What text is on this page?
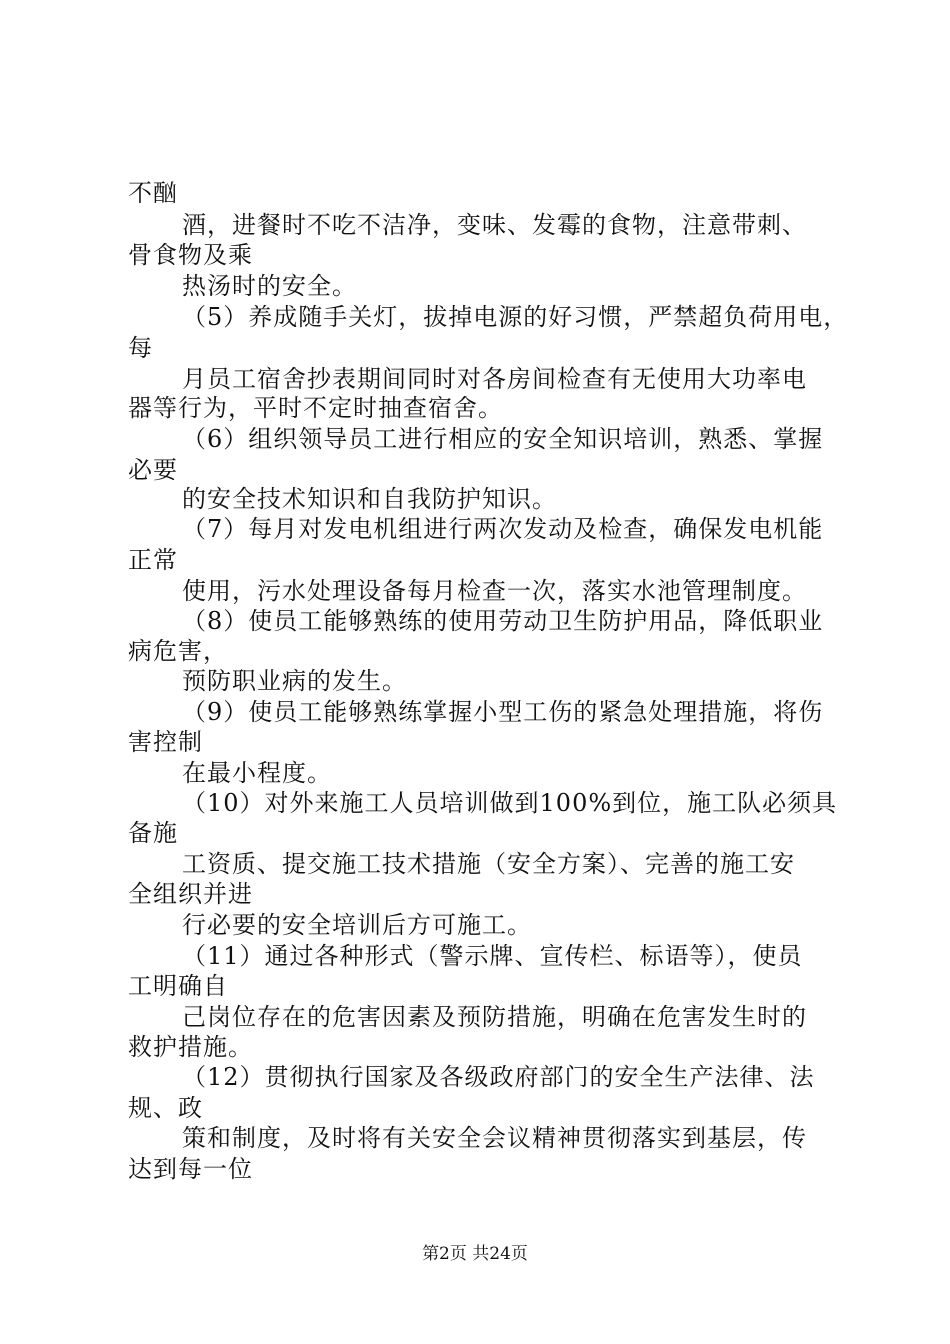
不酗
酒，进餐时不吃不洁净，变味、发霉的食物，注意带刺、
骨食物及乘
热汤时的安全。
（5）养成随手关灯，拔掉电源的好习惯，严禁超负荷用电，
每
月员工宿舍抄表期间同时对各房间检查有无使用大功率电
器等行为，平时不定时抽查宿舍。
（6）组织领导员工进行相应的安全知识培训，熟悉、掌握
必要
的安全技术知识和自我防护知识。
（7）每月对发电机组进行两次发动及检查，确保发电机能
正常
使用，污水处理设备每月检查一次，落实水池管理制度。
（8）使员工能够熟练的使用劳动卫生防护用品，降低职业
病危害，
预防职业病的发生。
（9）使员工能够熟练掌握小型工伤的紧急处理措施，将伤
害控制
在最小程度。
（10）对外来施工人员培训做到100%到位，施工队必须具
备施
工资质、提交施工技术措施（安全方案）、完善的施工安
全组织并进
行必要的安全培训后方可施工。
（11）通过各种形式（警示牌、宣传栏、标语等），使员
工明确自
己岗位存在的危害因素及预防措施，明确在危害发生时的
救护措施。
（12）贯彻执行国家及各级政府部门的安全生产法律、法
规、政
策和制度，及时将有关安全会议精神贯彻落实到基层，传
达到每一位
第2页 共24页
